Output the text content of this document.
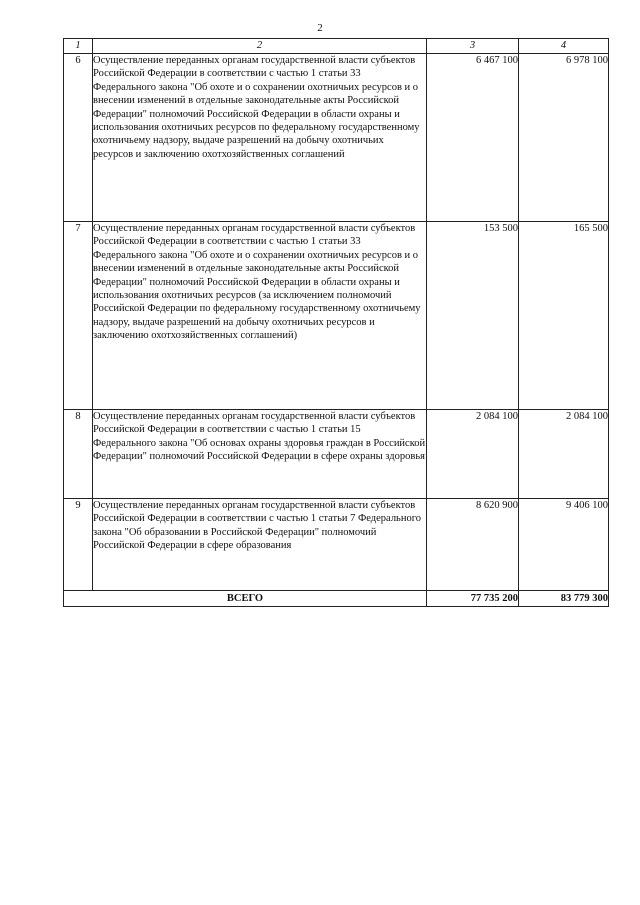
2
1	2	3	4
6	Осуществление переданных органам государственной власти субъектов Российской Федерации в соответствии с частью 1 статьи 33 Федерального закона "Об охоте и о сохранении охотничьих ресурсов и о внесении изменений в отдельные законодательные акты Российской Федерации" полномочий Российской Федерации в области охраны и использования охотничьих ресурсов по федеральному государственному охотничьему надзору, выдаче разрешений на добычу охотничьих ресурсов и заключению охотхозяйственных соглашений	6 467 100	6 978 100
7	Осуществление переданных органам государственной власти субъектов Российской Федерации в соответствии с частью 1 статьи 33 Федерального закона "Об охоте и о сохранении охотничьих ресурсов и о внесении изменений в отдельные законодательные акты Российской Федерации" полномочий Российской Федерации в области охраны и использования охотничьих ресурсов (за исключением полномочий Российской Федерации по федеральному государственному охотничьему надзору, выдаче разрешений на добычу охотничьих ресурсов и заключению охотхозяйственных соглашений)	153 500	165 500
8	Осуществление переданных органам государственной власти субъектов Российской Федерации в соответствии с частью 1 статьи 15 Федерального закона "Об основах охраны здоровья граждан в Российской Федерации" полномочий Российской Федерации в сфере охраны здоровья	2 084 100	2 084 100
9	Осуществление переданных органам государственной власти субъектов Российской Федерации в соответствии с частью 1 статьи 7 Федерального закона "Об образовании в Российской Федерации" полномочий Российской Федерации в сфере образования	8 620 900	9 406 100
ВСЕГО		77 735 200	83 779 300
